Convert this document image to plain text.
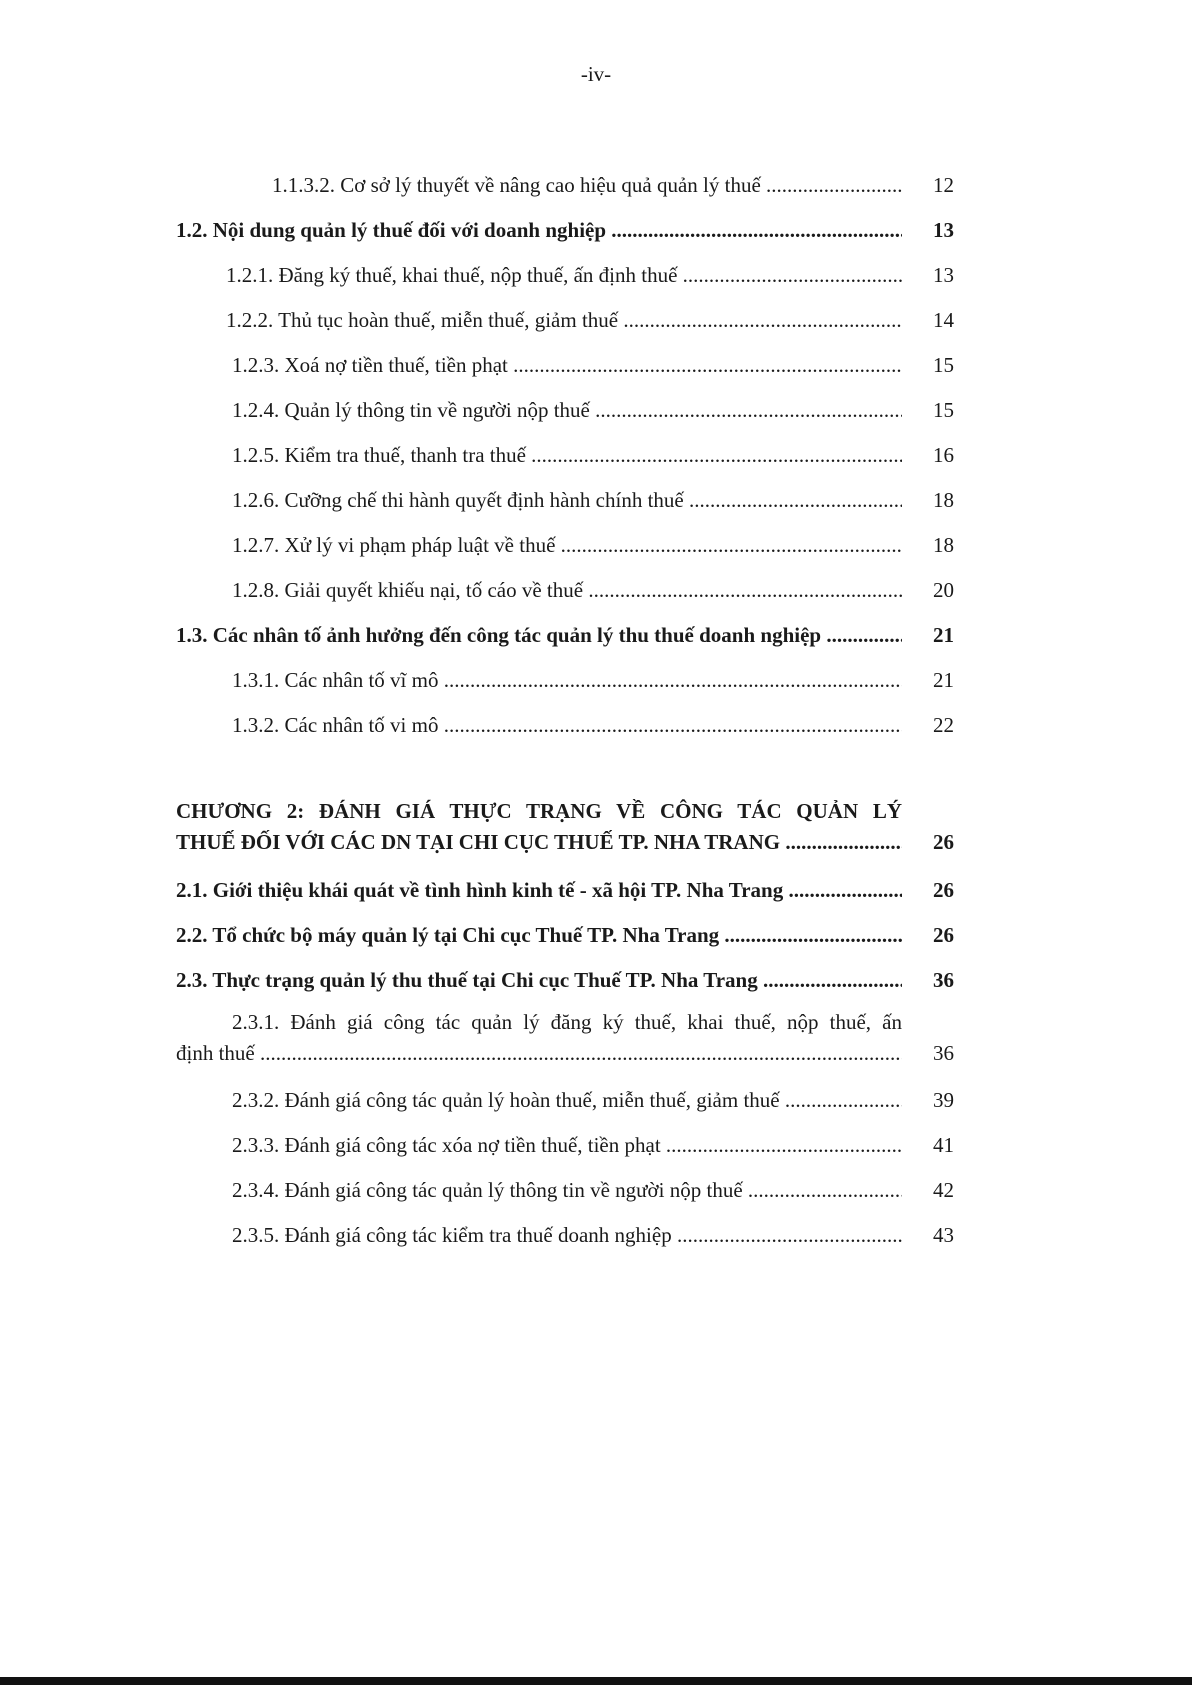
-iv-
1.1.3.2. Cơ sở lý thuyết về nâng cao hiệu quả quản lý thuế .....	12
1.2. Nội dung quản lý thuế đối với doanh nghiệp .....	13
1.2.1. Đăng ký thuế, khai thuế, nộp thuế, ấn định thuế .....	13
1.2.2. Thủ tục hoàn thuế, miễn thuế, giảm thuế .....	14
1.2.3. Xoá nợ tiền thuế, tiền phạt .....	15
1.2.4. Quản lý thông tin về người nộp thuế .....	15
1.2.5. Kiểm tra thuế, thanh tra thuế .....	16
1.2.6. Cưỡng chế thi hành quyết định hành chính thuế .....	18
1.2.7. Xử lý vi phạm pháp luật về thuế .....	18
1.2.8. Giải quyết khiếu nại, tố cáo về thuế .....	20
1.3. Các nhân tố ảnh hưởng đến công tác quản lý thu thuế doanh nghiệp .....	21
1.3.1. Các nhân tố vĩ mô .....	21
1.3.2. Các nhân tố vi mô .....	22
CHƯƠNG 2: ĐÁNH GIÁ THỰC TRẠNG VỀ CÔNG TÁC QUẢN LÝ
THUẾ ĐỐI VỚI CÁC DN TẠI CHI CỤC THUẾ TP. NHA TRANG .....	26
2.1. Giới thiệu khái quát về tình hình kinh tế - xã hội TP. Nha Trang .....	26
2.2. Tổ chức bộ máy quản lý tại Chi cục Thuế TP. Nha Trang .....	26
2.3. Thực trạng quản lý thu thuế tại Chi cục Thuế TP. Nha Trang .....	36
2.3.1. Đánh giá công tác quản lý đăng ký thuế, khai thuế, nộp thuế, ấn
định thuế .....	36
2.3.2. Đánh giá công tác quản lý hoàn thuế, miễn thuế, giảm thuế .....	39
2.3.3. Đánh giá công tác xóa nợ tiền thuế, tiền phạt .....	41
2.3.4. Đánh giá công tác quản lý thông tin về người nộp thuế .....	42
2.3.5. Đánh giá công tác kiểm tra thuế doanh nghiệp .....	43
